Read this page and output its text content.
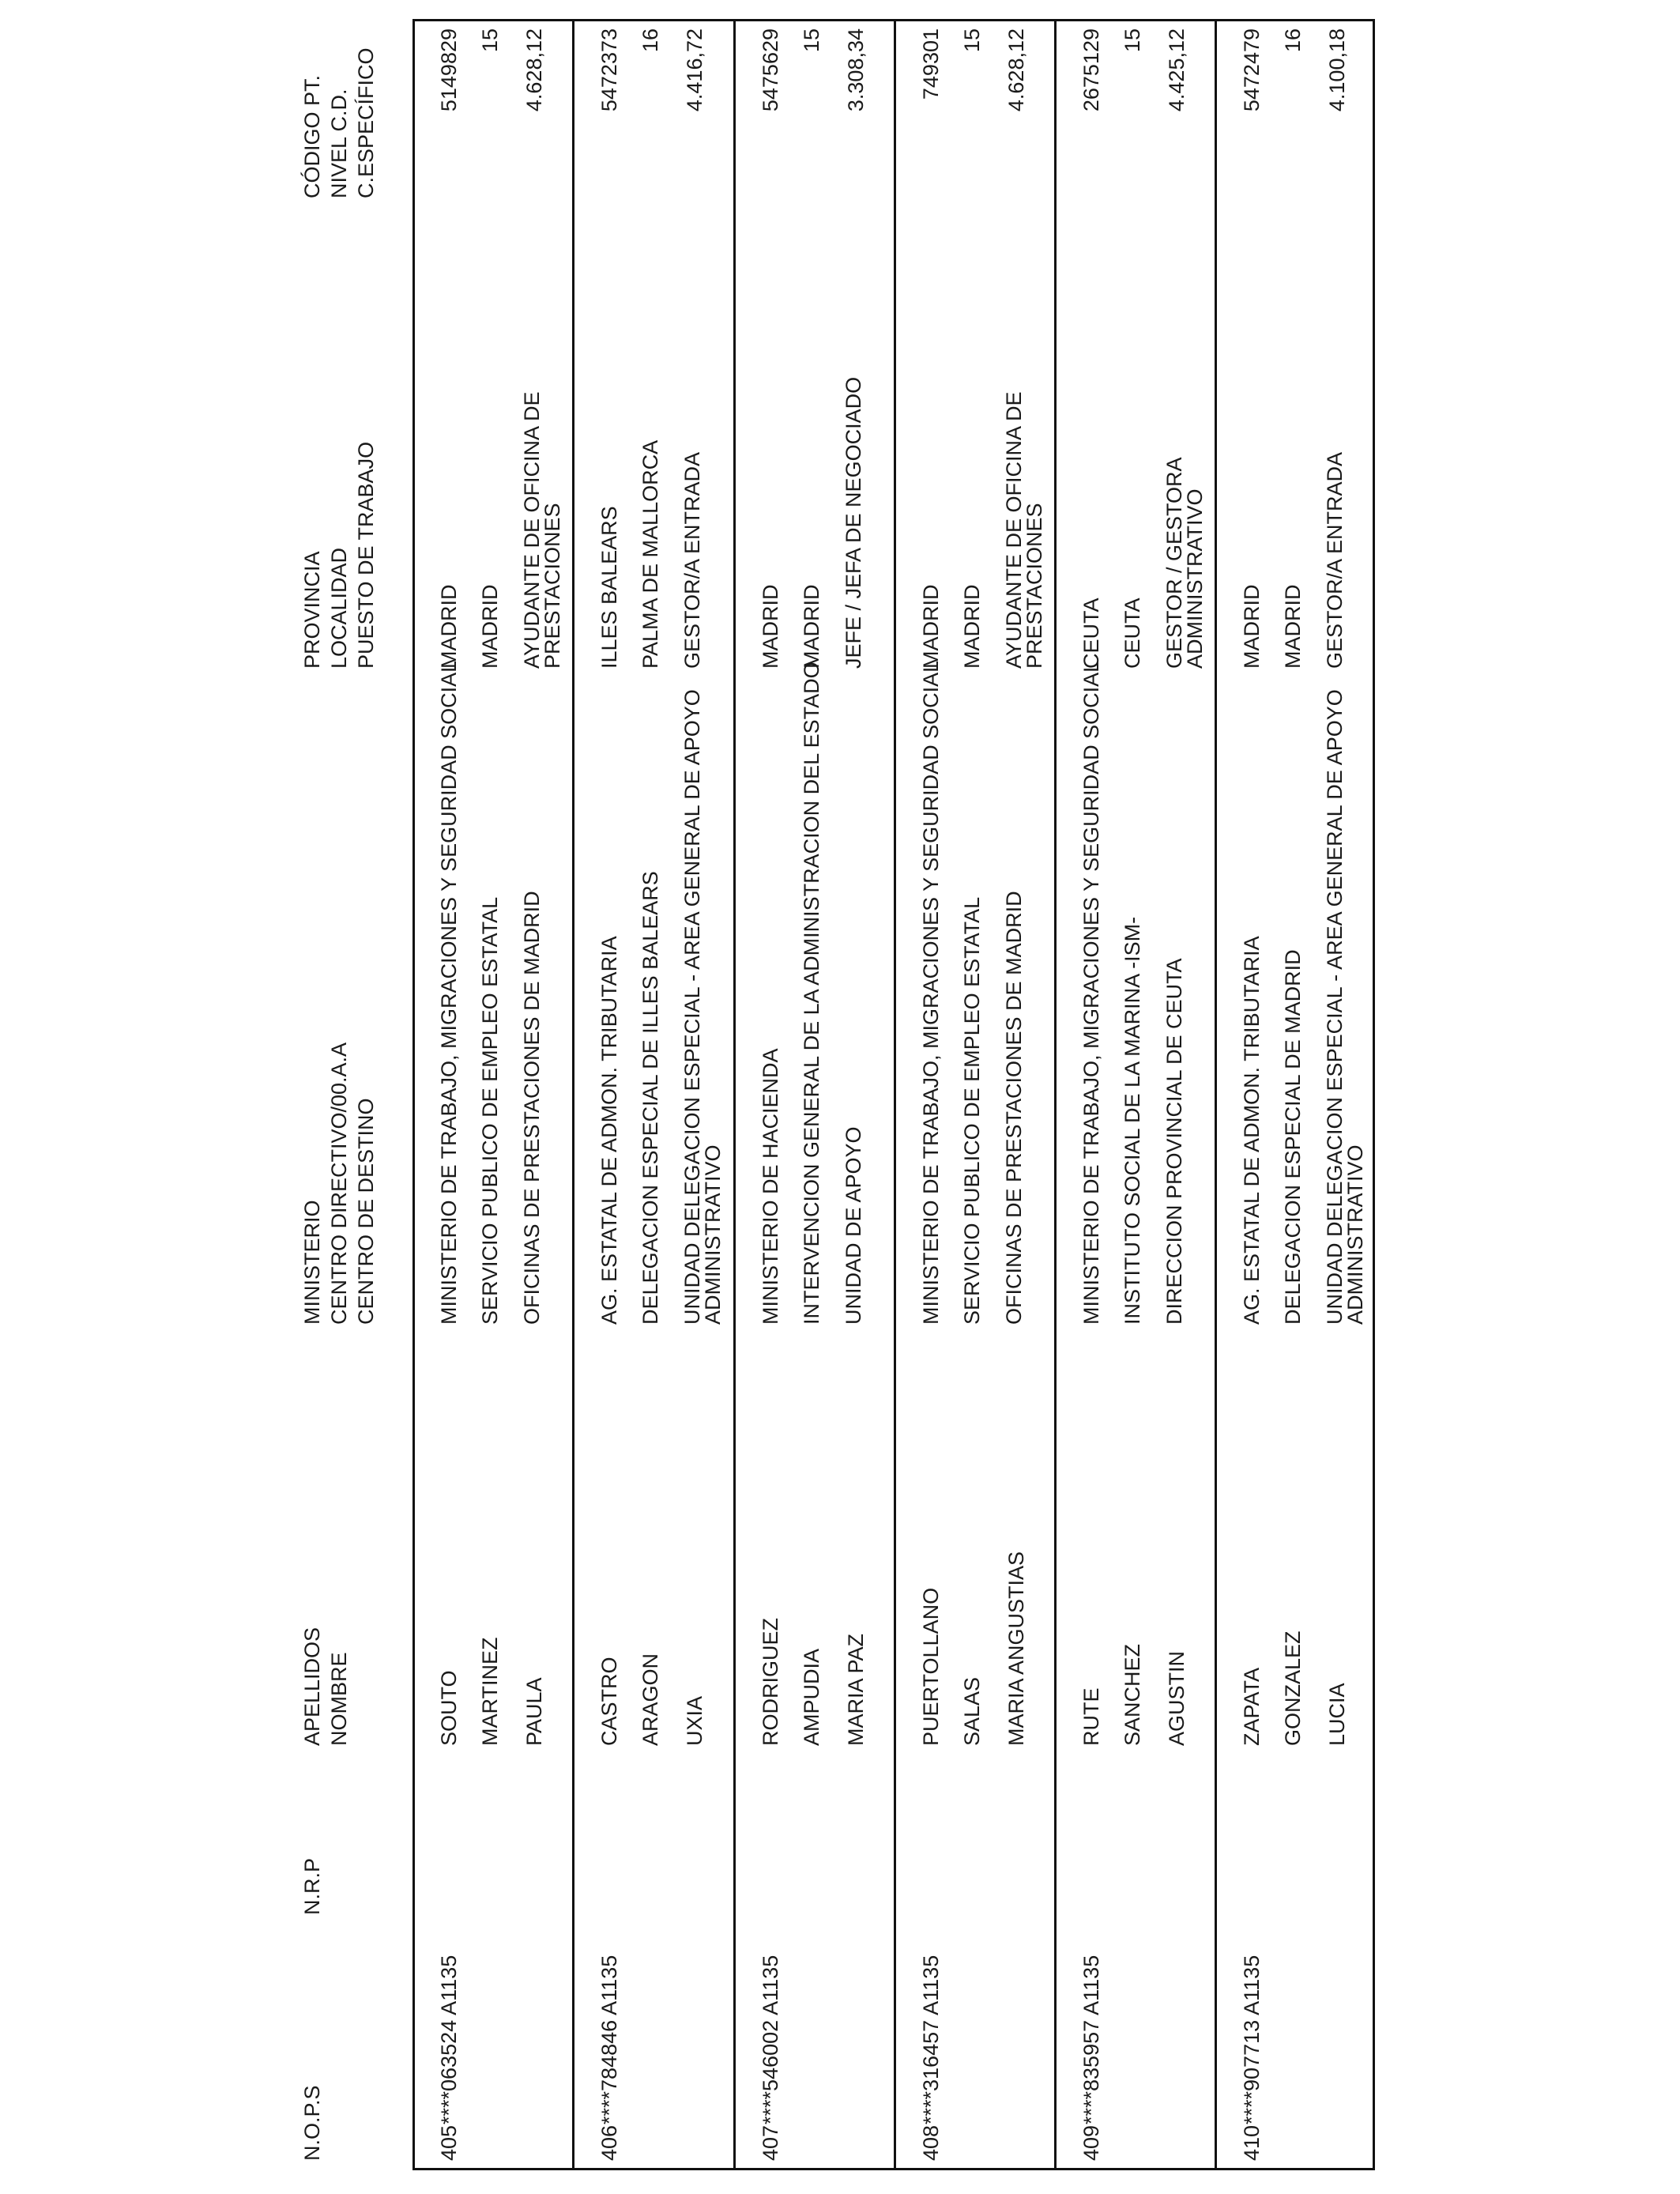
N.O.P.S
N.R.P
APELLIDOS NOMBRE
MINISTERIO CENTRO DIRECTIVO/00.A.A CENTRO DE DESTINO
PROVINCIA LOCALIDAD PUESTO DE TRABAJO
CÓDIGO PT. NIVEL C.D. C.ESPECÍFICO
405
****063524 A1135
SOUTO MARTINEZ PAULA
MINISTERIO DE TRABAJO, MIGRACIONES Y SEGURIDAD SOCIAL SERVICIO PUBLICO DE EMPLEO ESTATAL OFICINAS DE PRESTACIONES DE MADRID
MADRID MADRID AYUDANTE DE OFICINA DE
PRESTACIONES
5149829 15 4.628,12
406
****784846 A1135
CASTRO ARAGON UXIA
AG. ESTATAL DE ADMON. TRIBUTARIA DELEGACION ESPECIAL DE ILLES BALEARS UNIDAD DELEGACION ESPECIAL - AREA GENERAL DE APOYO
ADMINISTRATIVO
ILLES BALEARS PALMA DE MALLORCA GESTOR/A ENTRADA
5472373 16 4.416,72
407
****546002 A1135
RODRIGUEZ AMPUDIA MARIA PAZ
MINISTERIO DE HACIENDA INTERVENCION GENERAL DE LA ADMINISTRACION DEL ESTADO UNIDAD DE APOYO
MADRID MADRID JEFE / JEFA DE NEGOCIADO
5475629 15 3.308,34
408
****316457 A1135
PUERTOLLANO SALAS MARIA ANGUSTIAS
MINISTERIO DE TRABAJO, MIGRACIONES Y SEGURIDAD SOCIAL SERVICIO PUBLICO DE EMPLEO ESTATAL OFICINAS DE PRESTACIONES DE MADRID
MADRID MADRID AYUDANTE DE OFICINA DE
PRESTACIONES
749301 15 4.628,12
409
****835957 A1135
RUTE SANCHEZ AGUSTIN
MINISTERIO DE TRABAJO, MIGRACIONES Y SEGURIDAD SOCIAL INSTITUTO SOCIAL DE LA MARINA -ISM- DIRECCION PROVINCIAL DE CEUTA
CEUTA CEUTA GESTOR / GESTORA
ADMINISTRATIVO
2675129 15 4.425,12
410
****907713 A1135
ZAPATA GONZALEZ LUCIA
AG. ESTATAL DE ADMON. TRIBUTARIA DELEGACION ESPECIAL DE MADRID UNIDAD DELEGACION ESPECIAL - AREA GENERAL DE APOYO
ADMINISTRATIVO
MADRID MADRID GESTOR/A ENTRADA
5472479 16 4.100,18
